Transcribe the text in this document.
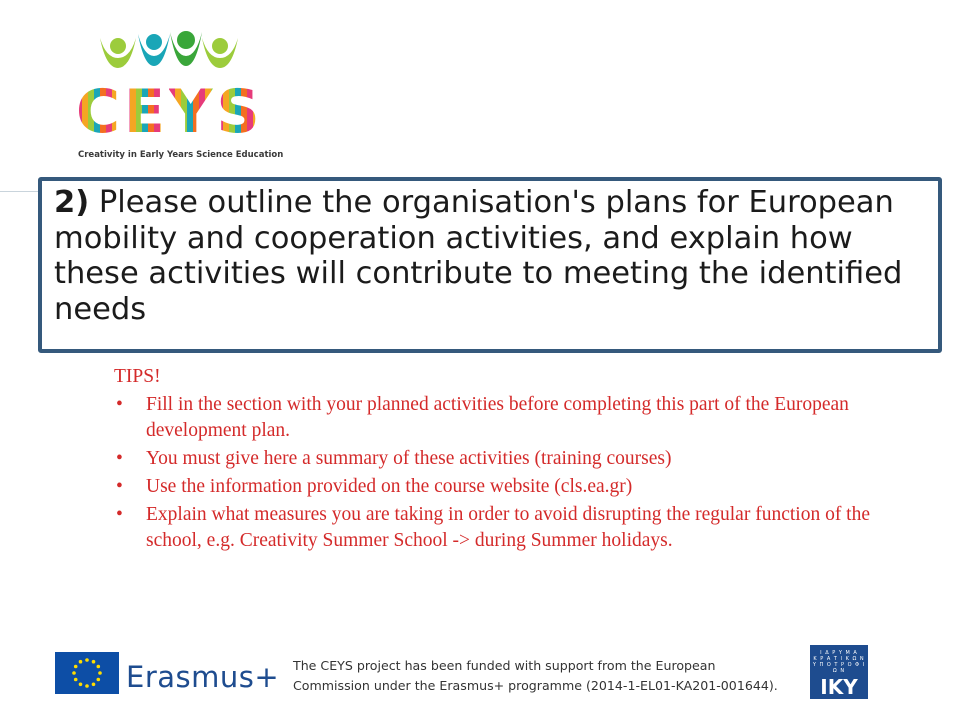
C E Y S
Creativity in Early Years Science Education

2) Please outline the organisation's plans for European mobility and cooperation activities, and explain how these activities will contribute to meeting the identified needs

TIPS!

• Fill in the section with your planned activities before completing this part of the European development plan.
• You must give here a summary of these activities (training courses)
• Use the information provided on the course website (cls.ea.gr)
• Explain what measures you are taking in order to avoid disrupting the regular function of the school, e.g. Creativity Summer School -> during Summer holidays.
Erasmus+ The CEYS project has been funded with support from the European

Commission under the Erasmus+ programme (2014-1-EL01-KA201-001644).

Ι Δ Ρ Υ Μ Α
Κ Ρ Α Τ Ι Κ Ω Ν
Υ Π Ο Τ Ρ Ο Φ Ι Ω Ν
IKY
